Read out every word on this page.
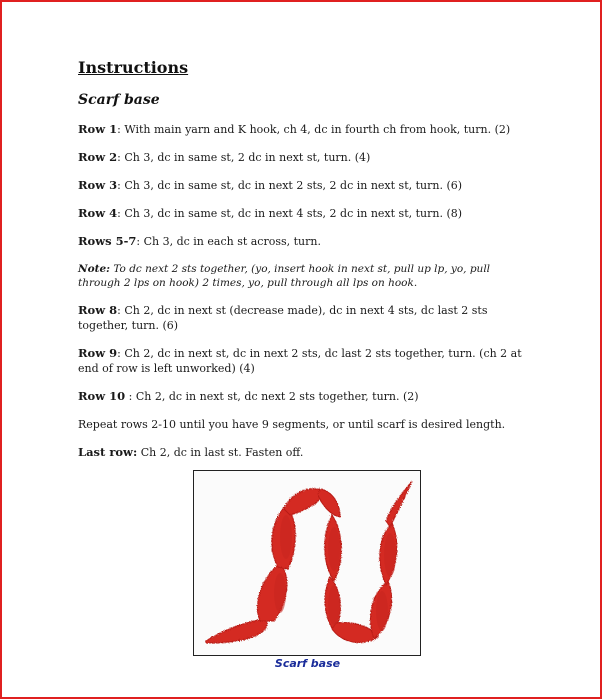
Instructions
Scarf base
Row 1: With main yarn and K hook, ch 4, dc in fourth ch from hook, turn. (2)
Row 2: Ch 3, dc in same st, 2 dc in next st, turn. (4)
Row 3: Ch 3, dc in same st, dc in next 2 sts, 2 dc in next st, turn. (6)
Row 4: Ch 3, dc in same st, dc in next 4 sts, 2 dc in next st, turn. (8)
Rows 5-7: Ch 3, dc in each st across, turn.
Note: To dc next 2 sts together, (yo, insert hook in next st, pull up lp, yo, pull through 2 lps on hook) 2 times, yo, pull through all lps on hook.
Row 8: Ch 2, dc in next st (decrease made), dc in next 4 sts, dc last 2 sts together, turn. (6)
Row 9: Ch 2, dc in next st, dc in next 2 sts, dc last 2 sts together, turn. (ch 2 at end of row is left unworked) (4)
Row 10 : Ch 2, dc in next st, dc next 2 sts together, turn. (2)
Repeat rows 2-10 until you have 9 segments, or until scarf is desired length.
Last row: Ch 2, dc in last st. Fasten off.
Scarf base
